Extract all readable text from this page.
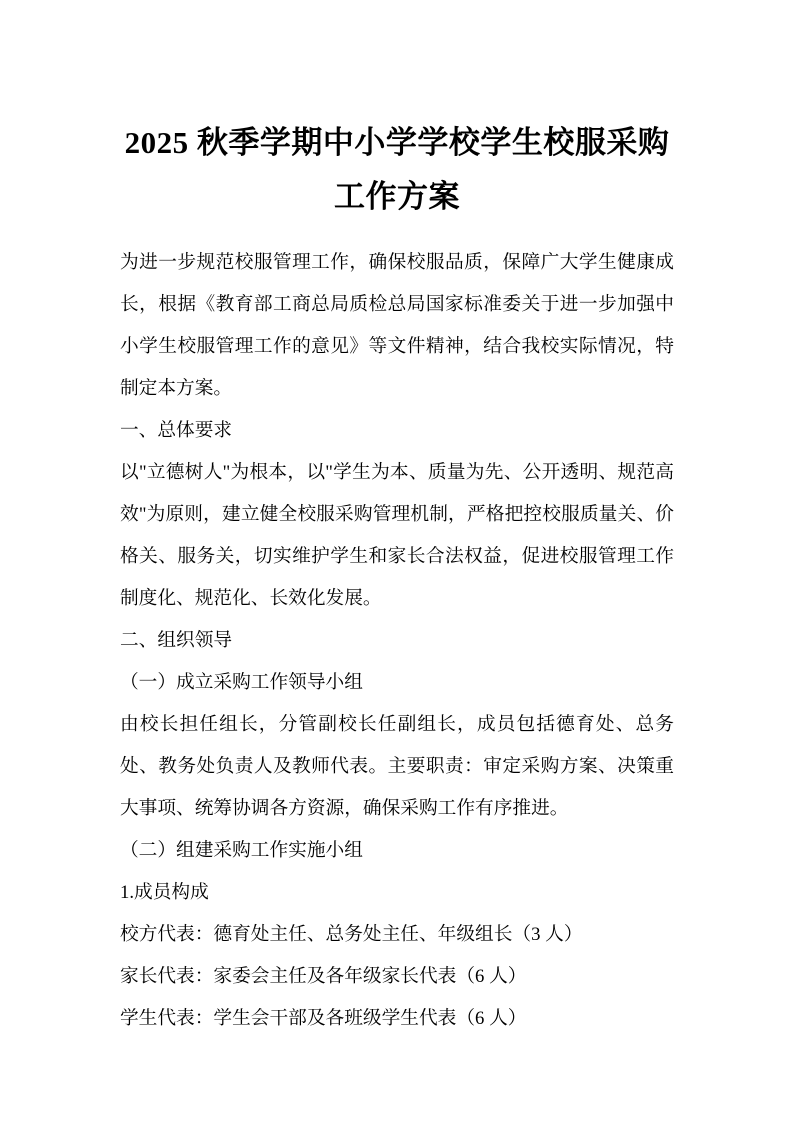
2025 秋季学期中小学学校学生校服采购工作方案

为进一步规范校服管理工作，确保校服品质，保障广大学生健康成长，根据《教育部工商总局质检总局国家标准委关于进一步加强中小学生校服管理工作的意见》等文件精神，结合我校实际情况，特制定本方案。

一、总体要求

以"立德树人"为根本，以"学生为本、质量为先、公开透明、规范高效"为原则，建立健全校服采购管理机制，严格把控校服质量关、价格关、服务关，切实维护学生和家长合法权益，促进校服管理工作制度化、规范化、长效化发展。

二、组织领导

（一）成立采购工作领导小组

由校长担任组长，分管副校长任副组长，成员包括德育处、总务处、教务处负责人及教师代表。主要职责：审定采购方案、决策重大事项、统筹协调各方资源，确保采购工作有序推进。

（二）组建采购工作实施小组

1.成员构成

校方代表：德育处主任、总务处主任、年级组长（3 人）

家长代表：家委会主任及各年级家长代表（6 人）

学生代表：学生会干部及各班级学生代表（6 人）
